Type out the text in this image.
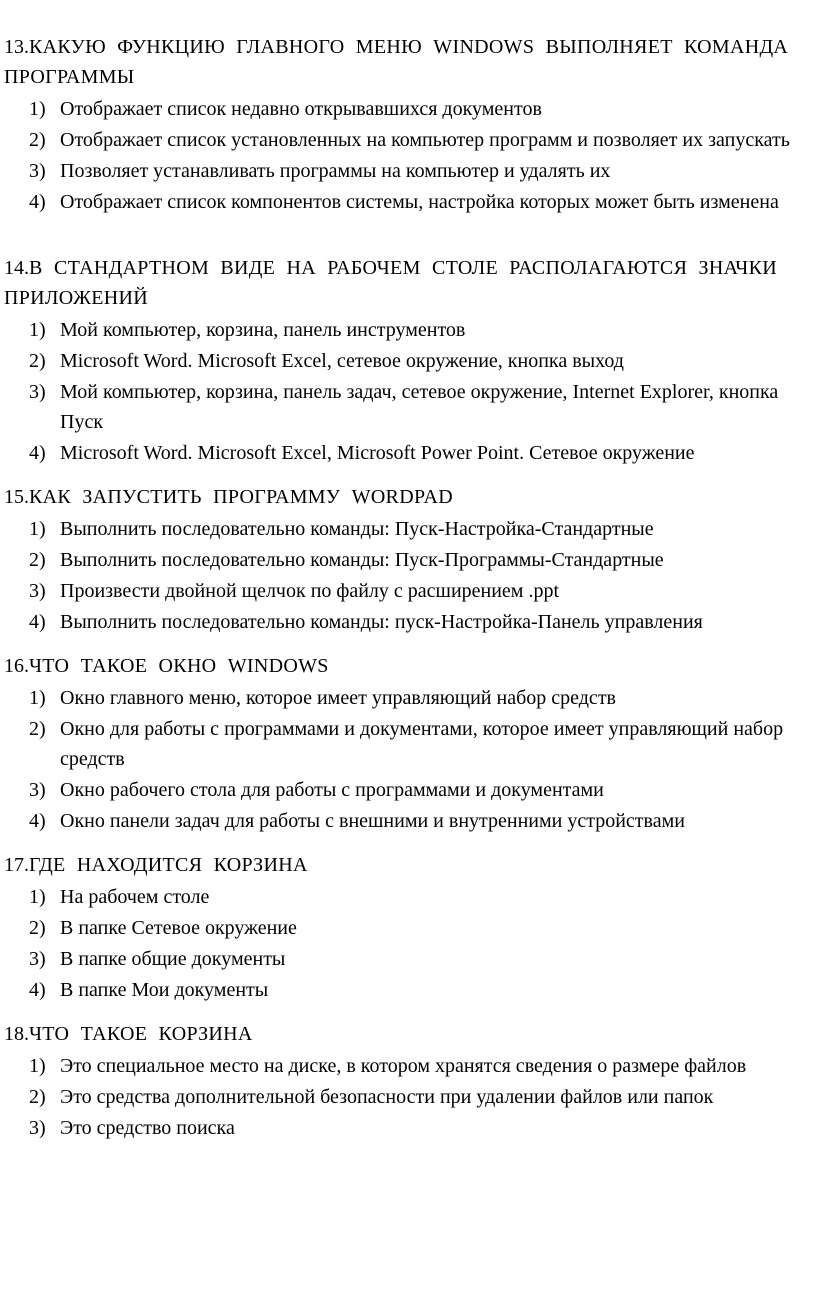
13.КАКУЮ ФУНКЦИЮ ГЛАВНОГО МЕНЮ WINDOWS ВЫПОЛНЯЕТ КОМАНДА ПРОГРАММЫ

1) Отображает список недавно открывавшихся документов
2) Отображает список установленных на компьютер программ и позволяет их запускать
3) Позволяет устанавливать программы на компьютер и удалять их
4) Отображает список компонентов системы, настройка которых может быть изменена

14.В СТАНДАРТНОМ ВИДЕ НА РАБОЧЕМ СТОЛЕ РАСПОЛАГАЮТСЯ ЗНАЧКИ ПРИЛОЖЕНИЙ

1) Мой компьютер, корзина, панель инструментов
2) Microsoft Word. Microsoft Excel, сетевое окружение, кнопка выход
3) Мой компьютер, корзина, панель задач, сетевое окружение, Internet Explorer, кнопка Пуск
4) Microsoft Word. Microsoft Excel, Microsoft Power Point. Сетевое окружение

15.КАК ЗАПУСТИТЬ ПРОГРАММУ WORDPAD

1) Выполнить последовательно команды: Пуск-Настройка-Стандартные
2) Выполнить последовательно команды: Пуск-Программы-Стандартные
3) Произвести двойной щелчок по файлу с расширением .ppt
4) Выполнить последовательно команды: пуск-Настройка-Панель управления

16.ЧТО ТАКОЕ ОКНО WINDOWS

1) Окно главного меню, которое имеет управляющий набор средств
2) Окно для работы с программами и документами, которое имеет управляющий набор средств
3) Окно рабочего стола для работы с программами и документами
4) Окно панели задач для работы с внешними и внутренними устройствами

17.ГДЕ НАХОДИТСЯ КОРЗИНА

1) На рабочем столе
2) В папке Сетевое окружение
3) В папке общие документы
4) В папке Мои документы

18.ЧТО ТАКОЕ КОРЗИНА

1) Это специальное место на диске, в котором хранятся сведения о размере файлов
2) Это средства дополнительной безопасности при удалении файлов или папок
3) Это средство поиска
